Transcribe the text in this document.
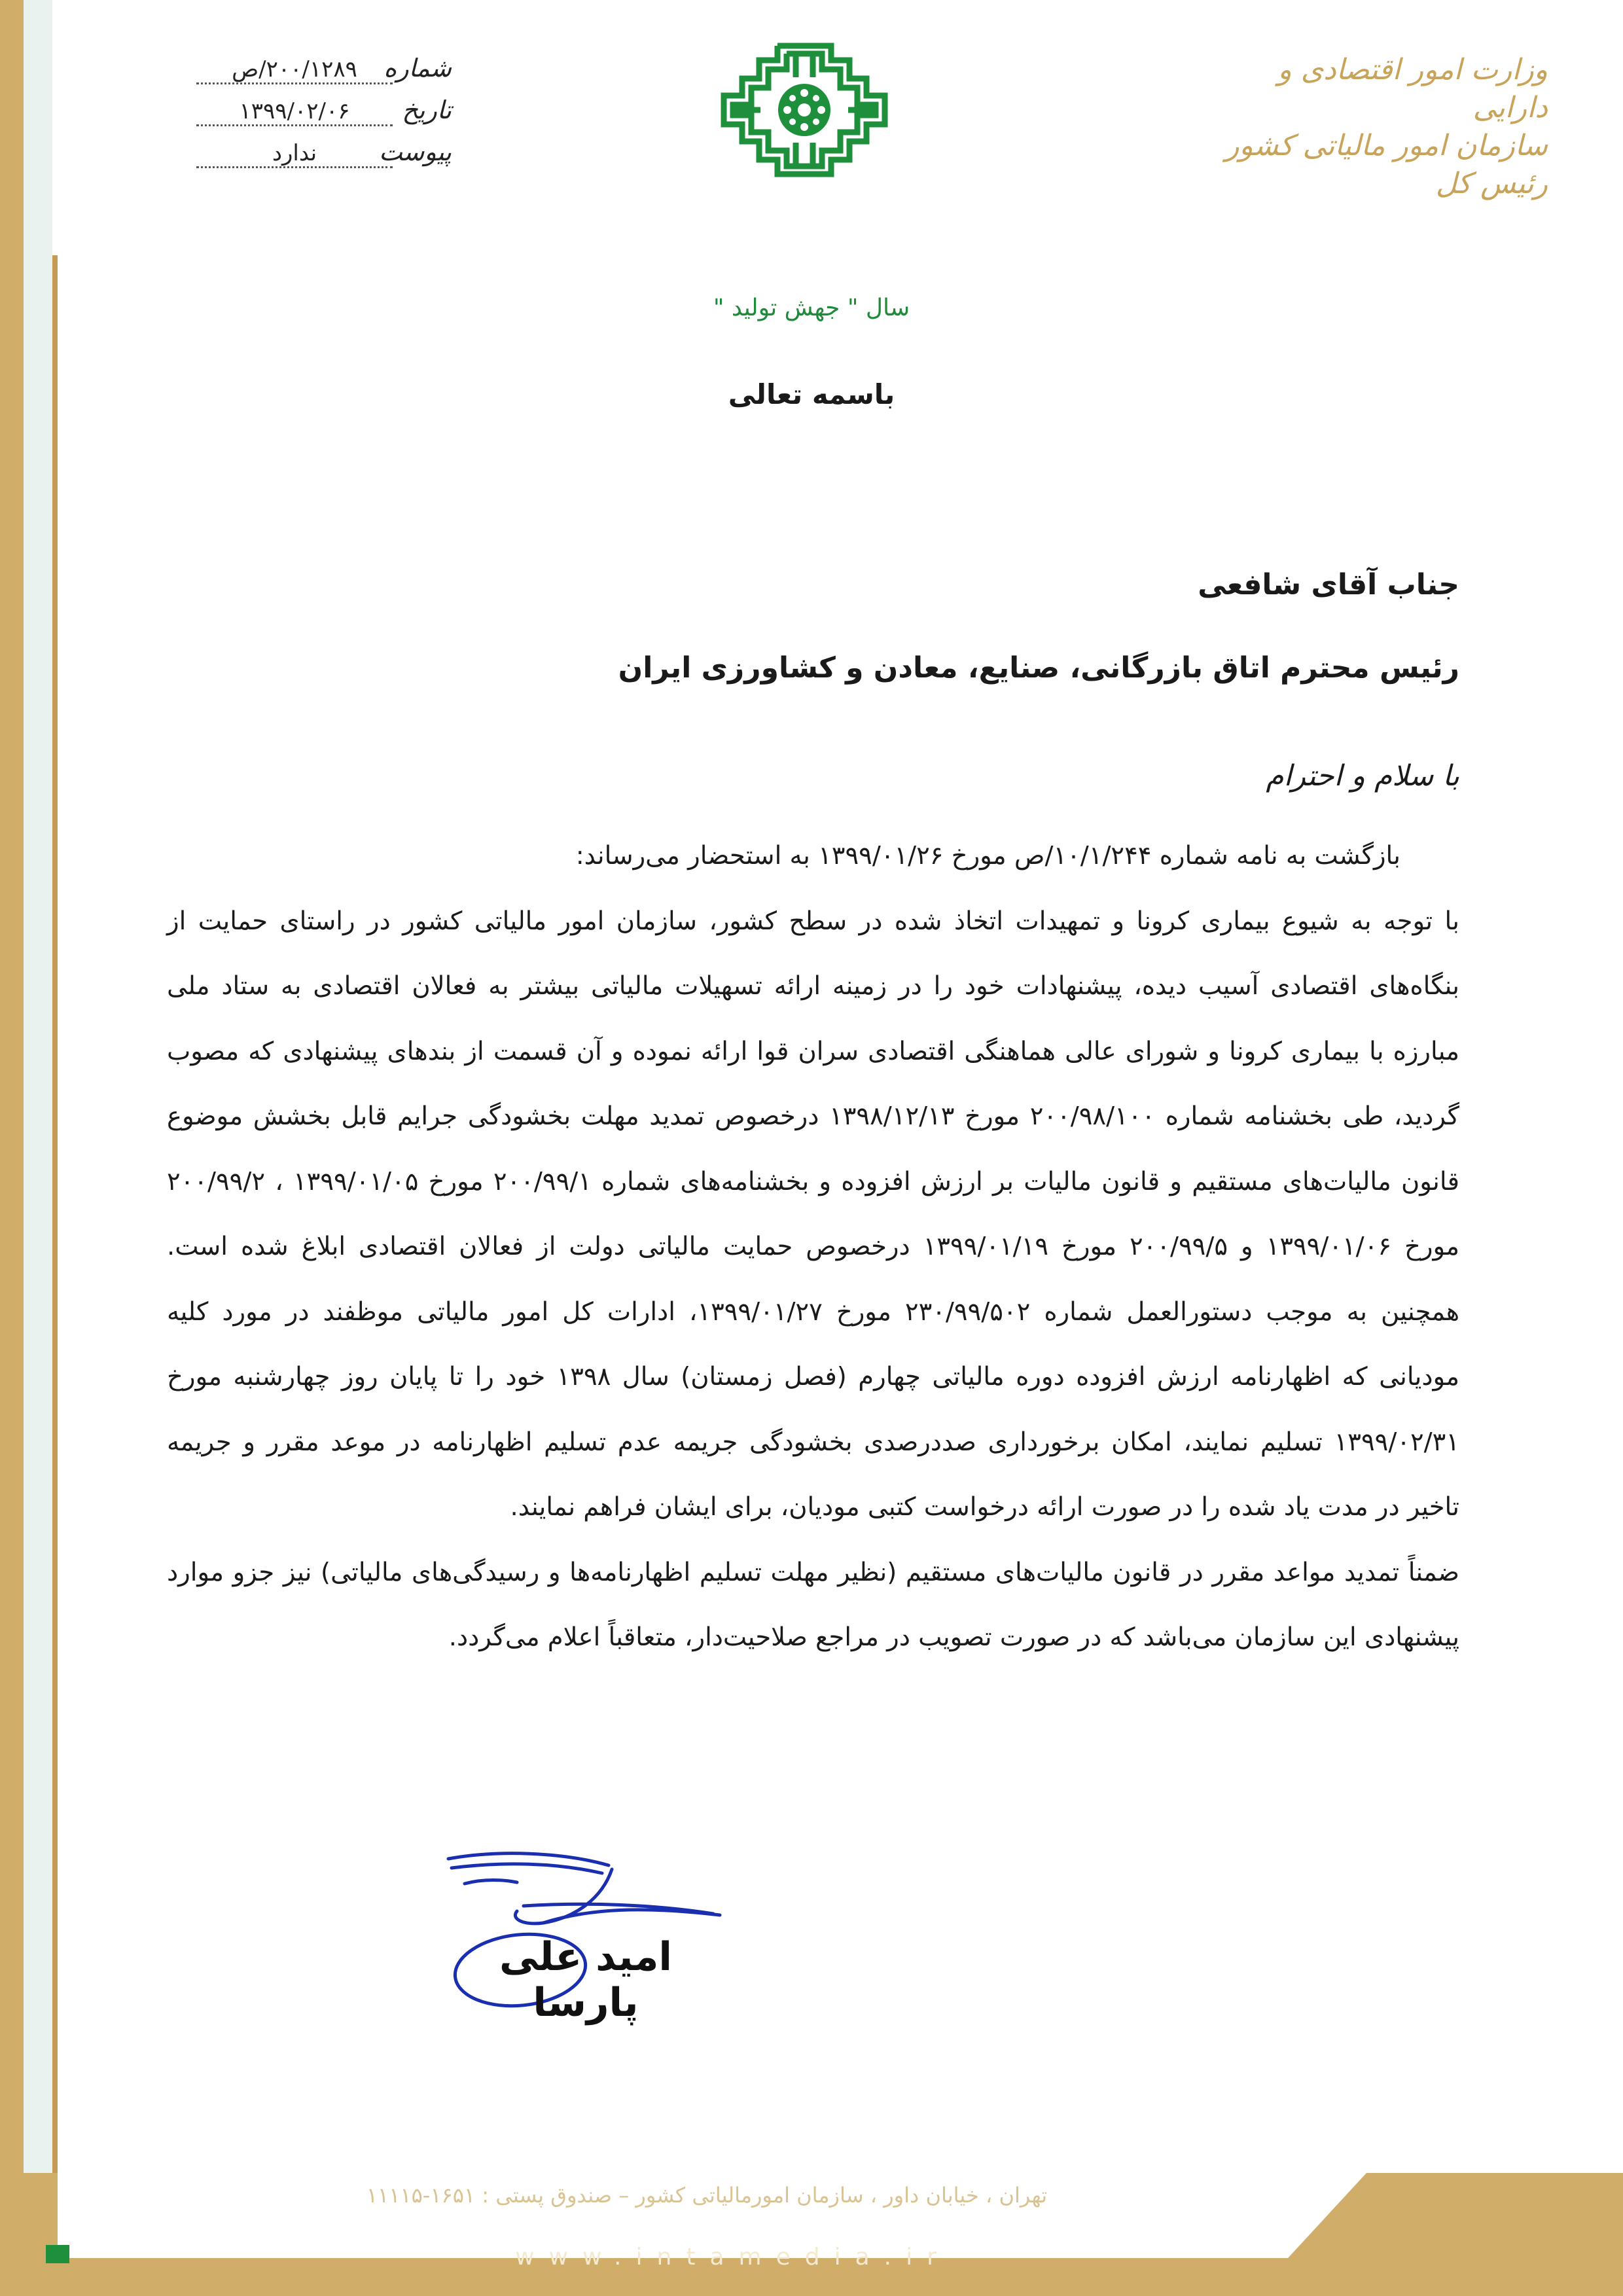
تهران ، خیابان داور ، سازمان امورمالیاتی کشور – صندوق پستی : ۱۶۵۱-۱۱۱۱۵
www.intamedia.ir
وزارت امور اقتصادی و دارایی
سازمان امور مالیاتی کشور
رئیس کل
شماره
۲۰۰/۱۲۸۹/ص
تاریخ
۱۳۹۹/۰۲/۰۶
پیوست
ندارد
سال " جهش تولید "
باسمه تعالی
جناب آقای شافعی
رئیس محترم اتاق بازرگانی، صنایع، معادن و کشاورزی ایران
با سلام و احترام

بازگشت به نامه شماره ۱۰/۱/۲۴۴/ص مورخ ۱۳۹۹/۰۱/۲۶ به استحضار می‌رساند:

با توجه به شیوع بیماری کرونا و تمهیدات اتخاذ شده در سطح کشور، سازمان امور مالیاتی کشور در راستای حمایت از بنگاه‌های اقتصادی آسیب دیده، پیشنهادات خود را در زمینه ارائه تسهیلات مالیاتی بیشتر به فعالان اقتصادی به ستاد ملی مبارزه با بیماری کرونا و شورای عالی هماهنگی اقتصادی سران قوا ارائه نموده و آن قسمت از بندهای پیشنهادی که مصوب گردید، طی بخشنامه شماره ۲۰۰/۹۸/۱۰۰ مورخ ۱۳۹۸/۱۲/۱۳ درخصوص تمدید مهلت بخشودگی جرایم قابل بخشش موضوع قانون مالیات‌های مستقیم و قانون مالیات بر ارزش افزوده و بخشنامه‌های شماره ۲۰۰/۹۹/۱ مورخ ۱۳۹۹/۰۱/۰۵ ، ۲۰۰/۹۹/۲ مورخ ۱۳۹۹/۰۱/۰۶ و ۲۰۰/۹۹/۵ مورخ ۱۳۹۹/۰۱/۱۹ درخصوص حمایت مالیاتی دولت از فعالان اقتصادی ابلاغ شده است. همچنین به موجب دستورالعمل شماره ۲۳۰/۹۹/۵۰۲ مورخ ۱۳۹۹/۰۱/۲۷، ادارات کل امور مالیاتی موظفند در مورد کلیه مودیانی که اظهارنامه ارزش افزوده دوره مالیاتی چهارم (فصل زمستان) سال ۱۳۹۸ خود را تا پایان روز چهارشنبه مورخ ۱۳۹۹/۰۲/۳۱ تسلیم نمایند، امکان برخورداری صددرصدی بخشودگی جریمه عدم تسلیم اظهارنامه در موعد مقرر و جریمه تاخیر در مدت یاد شده را در صورت ارائه درخواست کتبی مودیان، برای ایشان فراهم نمایند.

ضمناً تمدید مواعد مقرر در قانون مالیات‌های مستقیم (نظیر مهلت تسلیم اظهارنامه‌ها و رسیدگی‌های مالیاتی) نیز جزو موارد پیشنهادی این سازمان می‌باشد که در صورت تصویب در مراجع صلاحیت‌دار، متعاقباً اعلام می‌گردد.

امید علی پارسا
